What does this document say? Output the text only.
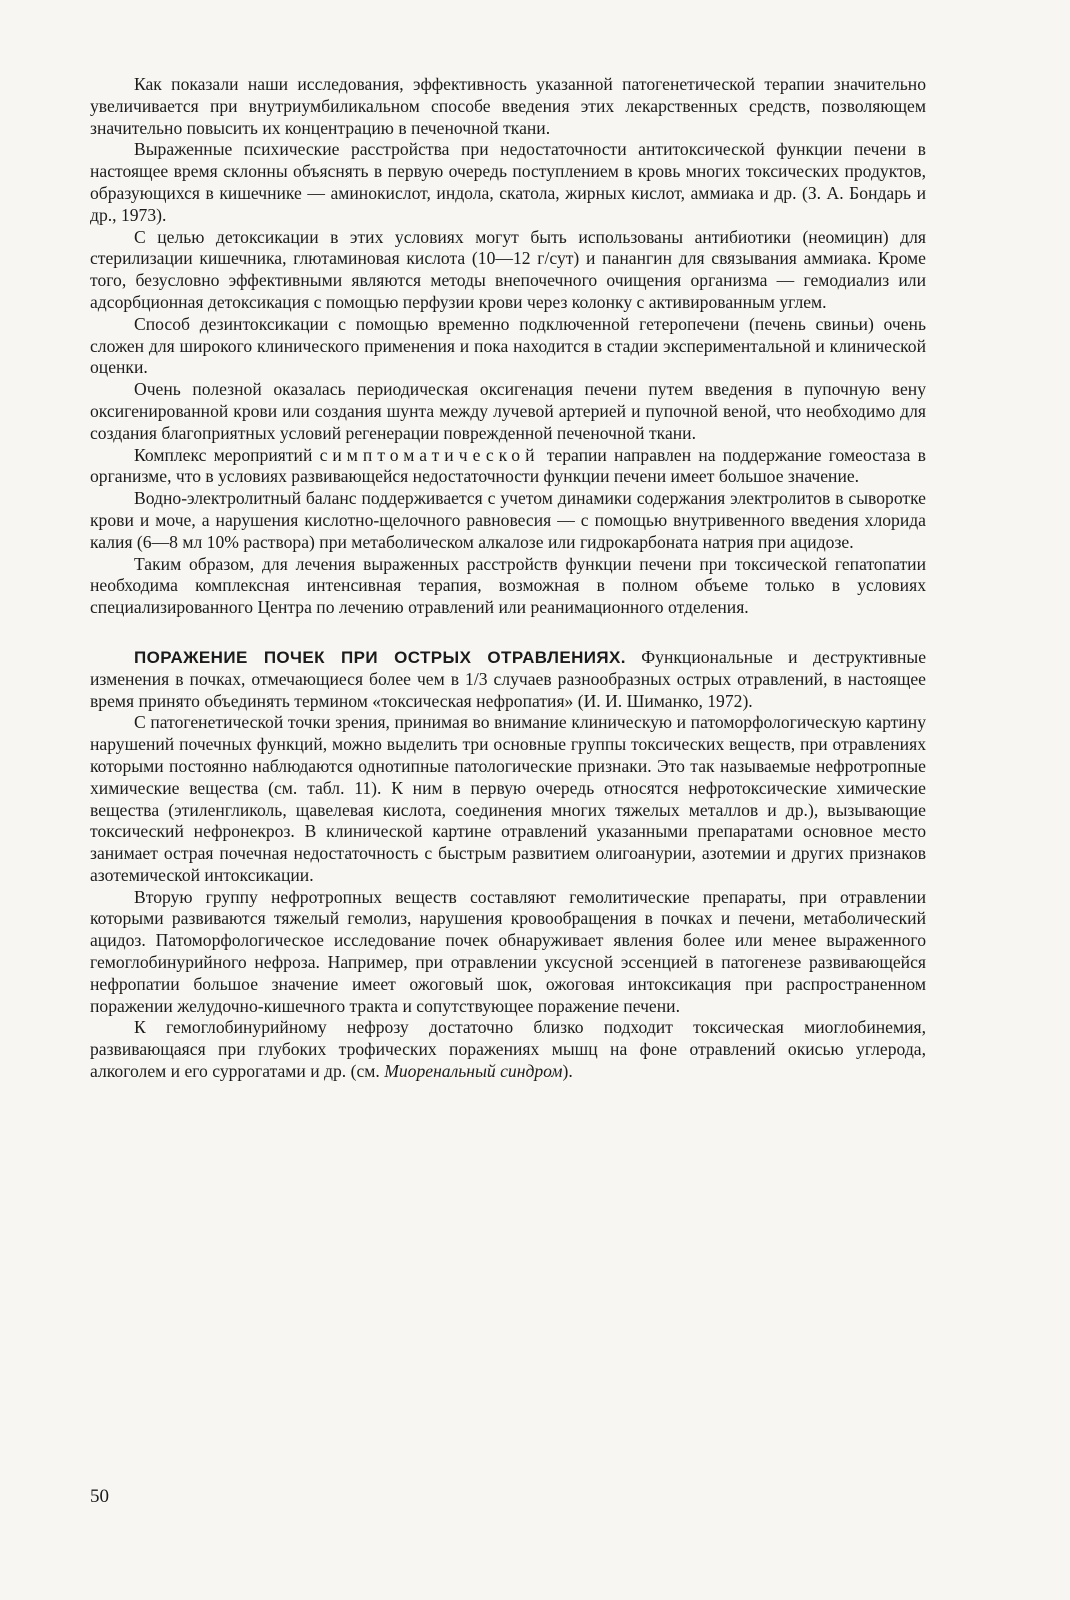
Как показали наши исследования, эффективность указанной патогенетической терапии значительно увеличивается при внутриумбиликальном способе введения этих лекарственных средств, позволяющем значительно повысить их концентрацию в печеночной ткани.

Выраженные психические расстройства при недостаточности антитоксической функции печени в настоящее время склонны объяснять в первую очередь поступлением в кровь многих токсических продуктов, образующихся в кишечнике — аминокислот, индола, скатола, жирных кислот, аммиака и др. (З. А. Бондарь и др., 1973).

С целью детоксикации в этих условиях могут быть использованы антибиотики (неомицин) для стерилизации кишечника, глютаминовая кислота (10—12 г/сут) и панангин для связывания аммиака. Кроме того, безусловно эффективными являются методы внепочечного очищения организма — гемодиализ или адсорбционная детоксикация с помощью перфузии крови через колонку с активированным углем.

Способ дезинтоксикации с помощью временно подключенной гетеропечени (печень свиньи) очень сложен для широкого клинического применения и пока находится в стадии экспериментальной и клинической оценки.

Очень полезной оказалась периодическая оксигенация печени путем введения в пупочную вену оксигенированной крови или создания шунта между лучевой артерией и пупочной веной, что необходимо для создания благоприятных условий регенерации поврежденной печеночной ткани.

Комплекс мероприятий симптоматической терапии направлен на поддержание гомеостаза в организме, что в условиях развивающейся недостаточности функции печени имеет большое значение.

Водно-электролитный баланс поддерживается с учетом динамики содержания электролитов в сыворотке крови и моче, а нарушения кислотно-щелочного равновесия — с помощью внутривенного введения хлорида калия (6—8 мл 10% раствора) при метаболическом алкалозе или гидрокарбоната натрия при ацидозе.

Таким образом, для лечения выраженных расстройств функции печени при токсической гепатопатии необходима комплексная интенсивная терапия, возможная в полном объеме только в условиях специализированного Центра по лечению отравлений или реанимационного отделения.

ПОРАЖЕНИЕ ПОЧЕК ПРИ ОСТРЫХ ОТРАВЛЕНИЯХ. Функциональные и деструктивные изменения в почках, отмечающиеся более чем в 1/3 случаев разнообразных острых отравлений, в настоящее время принято объединять термином «токсическая нефропатия» (И. И. Шиманко, 1972).

С патогенетической точки зрения, принимая во внимание клиническую и патоморфологическую картину нарушений почечных функций, можно выделить три основные группы токсических веществ, при отравлениях которыми постоянно наблюдаются однотипные патологические признаки. Это так называемые нефротропные химические вещества (см. табл. 11). К ним в первую очередь относятся нефротоксические химические вещества (этиленгликоль, щавелевая кислота, соединения многих тяжелых металлов и др.), вызывающие токсический нефронекроз. В клинической картине отравлений указанными препаратами основное место занимает острая почечная недостаточность с быстрым развитием олигоанурии, азотемии и других признаков азотемической интоксикации.

Вторую группу нефротропных веществ составляют гемолитические препараты, при отравлении которыми развиваются тяжелый гемолиз, нарушения кровообращения в почках и печени, метаболический ацидоз. Патоморфологическое исследование почек обнаруживает явления более или менее выраженного гемоглобинурийного нефроза. Например, при отравлении уксусной эссенцией в патогенезе развивающейся нефропатии большое значение имеет ожоговый шок, ожоговая интоксикация при распространенном поражении желудочно-кишечного тракта и сопутствующее поражение печени.

К гемоглобинурийному нефрозу достаточно близко подходит токсическая миоглобинемия, развивающаяся при глубоких трофических поражениях мышц на фоне отравлений окисью углерода, алкоголем и его суррогатами и др. (см. Миоренальный синдром).

50
